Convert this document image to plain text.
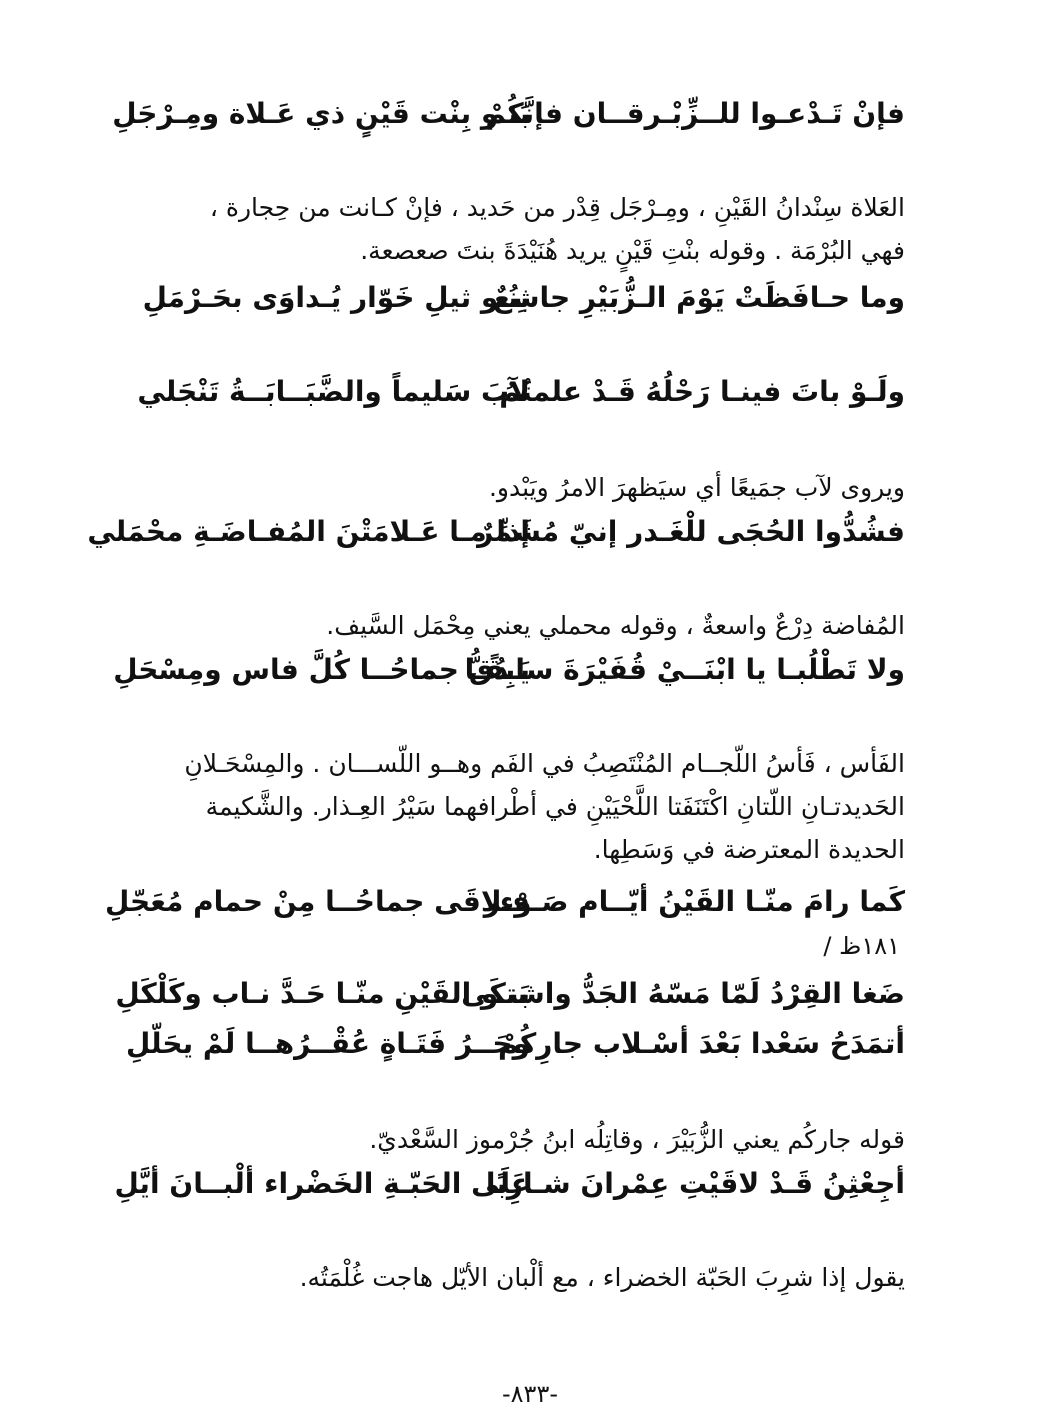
فإنْ تَـدْعـوا للــزِّبْـرقــان فإنَّكُمْ
بَنـو بِنْت قَيْنٍ ذي عَـلاة ومِـرْجَلِ

العَلاة سِنْدانُ القَيْنِ ، ومِـرْجَل قِدْر من حَديد ، فإنْ كـانت من حِجارة ،

فهي البُرْمَة . وقوله بنْتِ قَيْنٍ يريد هُنَيْدَةَ بنتَ صعصعة.

وما حـافَظَتْ يَوْمَ الـزُّبَيْرِ جاشِعٌ
بنُـو ثيلِ خَوّار يُـداوَى بحَـرْمَلِ
ولَـوْ باتَ فينـا رَحْلُهُ قَـدْ علمتُمُ
لآبَ سَليماً والضَّبَــابَــةُ تَنْجَلي

ويروى لآب جمَيعًا أي سيَظهرَ الامرُ ويَبْدو.

فشُدُّوا الحُجَى للْغَـدر إنيّ مُشَمِّرٌ
إذا مـا عَـلامَتْنَ المُفـاضَـةِ محْمَلي

المُفاضة دِرْعٌ واسعةٌ ، وقوله محملي يعني مِحْمَل السَّيف.

ولا تَطْلُبـا يا ابْنَــيْ قُفَيْرَةَ سابِقًـا
يَـدُقُّ جماحُــا كُلَّ فاس ومِسْحَلِ

الفَأس ، فَأسُ اللّجــام المُنْتَصِبُ في الفَم وهــو اللّســـان . والمِسْحَـلانِ

الحَديدتـانِ اللّتانِ اكْتَنَفَتا اللَّحْيَيْنِ في أطْرافهما سَيْرُ العِـذار. والشَّكيمة

الحديدة المعترضة في وَسَطِها.

كَما رامَ منّـا القَيْنُ أيّــام صَـوْءر
فـلاقَى جماحُــا مِنْ حمام مُعَجّلِ
١٨١ظ /
ضَغا القِرْدُ لَمّا مَسّهُ الجَدُّ واشتكَى
بَنـو القَيْنِ منّـا حَـدَّ نـاب وكَلْكَلِ
أتمَدَحُ سَعْدا بَعْدَ أسْـلاب جارِكُمْ
وجَــرُ فَتَـاةٍ عُقْــرُهــا لَمْ يحَلّلِ

قوله جاركُم يعني الزُّبَيْرَ ، وقاتِلُه ابنُ جُرْموز السَّعْديّ.

أجِعْثِنُ قَـدْ لاقَيْتِ عِمْرانَ شـارِبًا
عَلَى الحَبّـةِ الخَضْراء ألْبــانَ أيَّلِ

يقول إذا شرِبَ الحَبّة الخضراء ، مع ألْبان الأيّل هاجت غُلْمَتُه.

-٨٣٣-
